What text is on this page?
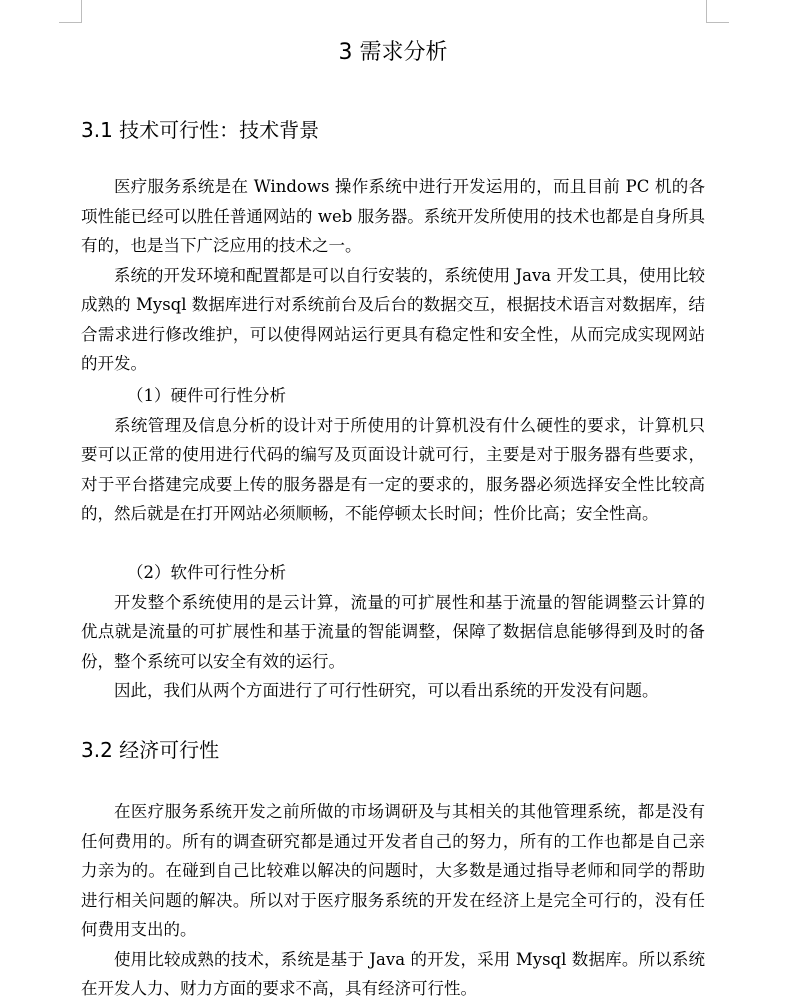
3 需求分析
3.1 技术可行性：技术背景

医疗服务系统是在 Windows 操作系统中进行开发运用的，而且目前 PC 机的各项性能已经可以胜任普通网站的 web 服务器。系统开发所使用的技术也都是自身所具有的，也是当下广泛应用的技术之一。

系统的开发环境和配置都是可以自行安装的，系统使用 Java 开发工具，使用比较成熟的 Mysql 数据库进行对系统前台及后台的数据交互，根据技术语言对数据库，结合需求进行修改维护，可以使得网站运行更具有稳定性和安全性，从而完成实现网站的开发。

（1）硬件可行性分析

系统管理及信息分析的设计对于所使用的计算机没有什么硬性的要求，计算机只要可以正常的使用进行代码的编写及页面设计就可行，主要是对于服务器有些要求，对于平台搭建完成要上传的服务器是有一定的要求的，服务器必须选择安全性比较高的，然后就是在打开网站必须顺畅，不能停顿太长时间；性价比高；安全性高。

（2）软件可行性分析

开发整个系统使用的是云计算，流量的可扩展性和基于流量的智能调整云计算的优点就是流量的可扩展性和基于流量的智能调整，保障了数据信息能够得到及时的备份，整个系统可以安全有效的运行。

因此，我们从两个方面进行了可行性研究，可以看出系统的开发没有问题。

3.2 经济可行性

在医疗服务系统开发之前所做的市场调研及与其相关的其他管理系统，都是没有任何费用的。所有的调查研究都是通过开发者自己的努力，所有的工作也都是自己亲力亲为的。在碰到自己比较难以解决的问题时，大多数是通过指导老师和同学的帮助进行相关问题的解决。所以对于医疗服务系统的开发在经济上是完全可行的，没有任何费用支出的。

使用比较成熟的技术，系统是基于 Java 的开发，采用 Mysql 数据库。所以系统在开发人力、财力方面的要求不高，具有经济可行性。
